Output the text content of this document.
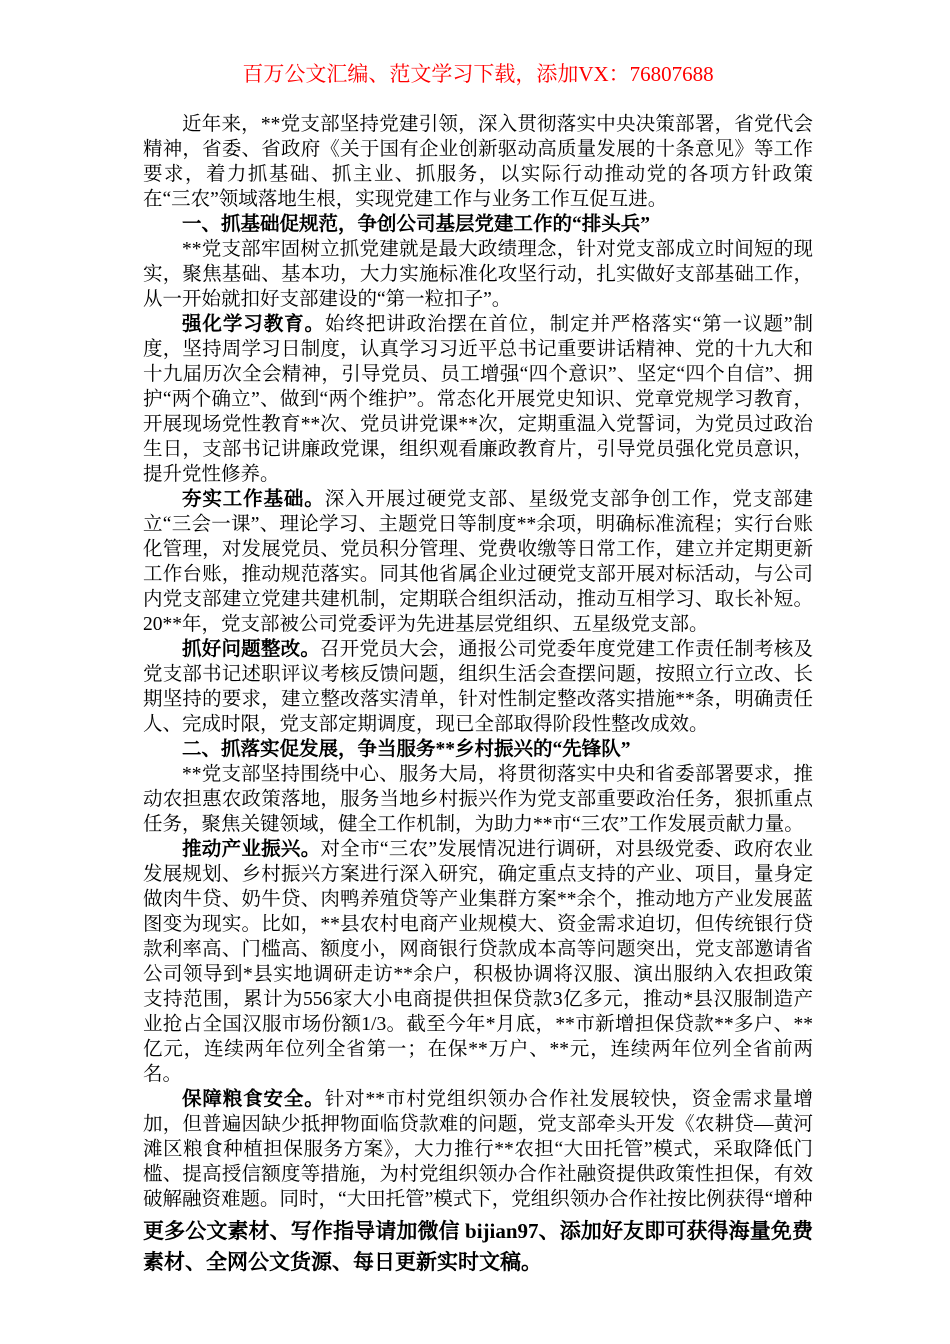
百万公文汇编、范文学习下载，添加VX：76807688

近年来，**党支部坚持党建引领，深入贯彻落实中央决策部署，省党代会精神，省委、省政府《关于国有企业创新驱动高质量发展的十条意见》等工作要求，着力抓基础、抓主业、抓服务，以实际行动推动党的各项方针政策在“三农”领域落地生根，实现党建工作与业务工作互促互进。

一、抓基础促规范，争创公司基层党建工作的“排头兵”

**党支部牢固树立抓党建就是最大政绩理念，针对党支部成立时间短的现实，聚焦基础、基本功，大力实施标准化攻坚行动，扎实做好支部基础工作，从一开始就扣好支部建设的“第一粒扣子”。

强化学习教育。始终把讲政治摆在首位，制定并严格落实“第一议题”制度，坚持周学习日制度，认真学习习近平总书记重要讲话精神、党的十九大和十九届历次全会精神，引导党员、员工增强“四个意识”、坚定“四个自信”、拥护“两个确立”、做到“两个维护”。常态化开展党史知识、党章党规学习教育，开展现场党性教育**次、党员讲党课**次，定期重温入党誓词，为党员过政治生日，支部书记讲廉政党课，组织观看廉政教育片，引导党员强化党员意识，提升党性修养。

夯实工作基础。深入开展过硬党支部、星级党支部争创工作，党支部建立“三会一课”、理论学习、主题党日等制度**余项，明确标准流程；实行台账化管理，对发展党员、党员积分管理、党费收缴等日常工作，建立并定期更新工作台账，推动规范落实。同其他省属企业过硬党支部开展对标活动，与公司内党支部建立党建共建机制，定期联合组织活动，推动互相学习、取长补短。20**年，党支部被公司党委评为先进基层党组织、五星级党支部。

抓好问题整改。召开党员大会，通报公司党委年度党建工作责任制考核及党支部书记述职评议考核反馈问题，组织生活会查摆问题，按照立行立改、长期坚持的要求，建立整改落实清单，针对性制定整改落实措施**条，明确责任人、完成时限，党支部定期调度，现已全部取得阶段性整改成效。

二、抓落实促发展，争当服务**乡村振兴的“先锋队”

**党支部坚持围绕中心、服务大局，将贯彻落实中央和省委部署要求，推动农担惠农政策落地，服务当地乡村振兴作为党支部重要政治任务，狠抓重点任务，聚焦关键领域，健全工作机制，为助力**市“三农”工作发展贡献力量。

推动产业振兴。对全市“三农”发展情况进行调研，对县级党委、政府农业发展规划、乡村振兴方案进行深入研究，确定重点支持的产业、项目，量身定做肉牛贷、奶牛贷、肉鸭养殖贷等产业集群方案**余个，推动地方产业发展蓝图变为现实。比如，**县农村电商产业规模大、资金需求迫切，但传统银行贷款利率高、门槛高、额度小，网商银行贷款成本高等问题突出，党支部邀请省公司领导到*县实地调研走访**余户，积极协调将汉服、演出服纳入农担政策支持范围，累计为556家大小电商提供担保贷款3亿多元，推动*县汉服制造产业抢占全国汉服市场份额1/3。截至今年*月底，**市新增担保贷款**多户、**亿元，连续两年位列全省第一；在保**万户、**元，连续两年位列全省前两名。

保障粮食安全。针对**市村党组织领办合作社发展较快，资金需求量增加，但普遍因缺少抵押物面临贷款难的问题，党支部牵头开发《农耕贷—黄河滩区粮食种植担保服务方案》，大力推行**农担“大田托管”模式，采取降低门槛、提高授信额度等措施，为村党组织领办合作社融资提供政策性担保，有效破解融资难题。同时，“大田托管”模式下，党组织领办合作社按比例获得“增种

更多公文素材、写作指导请加微信 bijian97、添加好友即可获得海量免费素材、全网公文货源、每日更新实时文稿。
